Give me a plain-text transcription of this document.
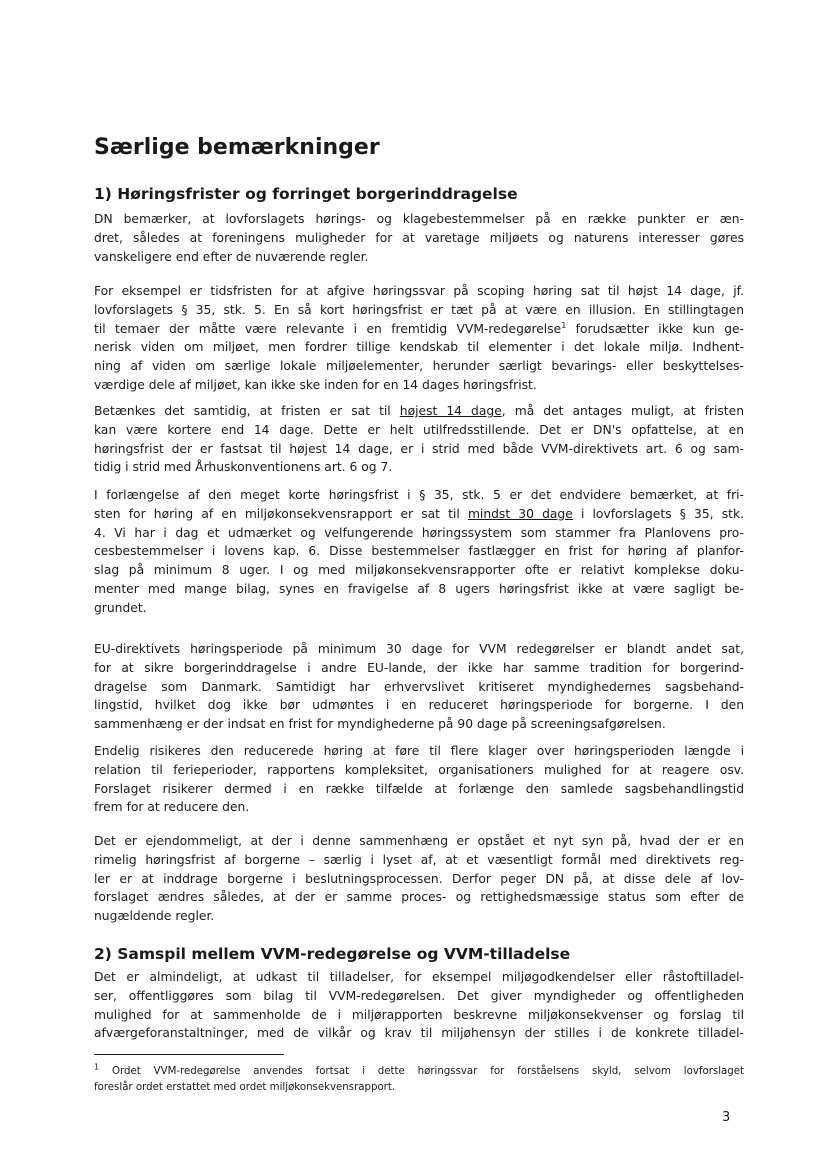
Særlige bemærkninger
1) Høringsfrister og forringet borgerinddragelse
DN bemærker, at lovforslagets hørings- og klagebestemmelser på en række punkter er æn-
dret, således at foreningens muligheder for at varetage miljøets og naturens interesser gøres
vanskeligere end efter de nuværende regler.
For eksempel er tidsfristen for at afgive høringssvar på scoping høring sat til højst 14 dage, jf.
lovforslagets § 35, stk. 5. En så kort høringsfrist er tæt på at være en illusion. En stillingtagen
til temaer der måtte være relevante i en fremtidig VVM-redegørelse$^1$ forudsætter ikke kun ge-
nerisk viden om miljøet, men fordrer tillige kendskab til elementer i det lokale miljø. Indhent-
ning af viden om særlige lokale miljøelementer, herunder særligt bevarings- eller beskyttelses-
værdige dele af miljøet, kan ikke ske inden for en 14 dages høringsfrist.
Betænkes det samtidig, at fristen er sat til højest 14 dage, må det antages muligt, at fristen
kan være kortere end 14 dage. Dette er helt utilfredsstillende. Det er DN's opfattelse, at en
høringsfrist der er fastsat til højest 14 dage, er i strid med både VVM-direktivets art. 6 og sam-
tidig i strid med Århuskonventionens art. 6 og 7.
I forlængelse af den meget korte høringsfrist i § 35, stk. 5 er det endvidere bemærket, at fri-
sten for høring af en miljøkonsekvensrapport er sat til mindst 30 dage i lovforslagets § 35, stk.
4. Vi har i dag et udmærket og velfungerende høringssystem som stammer fra Planlovens pro-
cesbestemmelser i lovens kap. 6. Disse bestemmelser fastlægger en frist for høring af planfor-
slag på minimum 8 uger. I og med miljøkonsekvensrapporter ofte er relativt komplekse doku-
menter med mange bilag, synes en fravigelse af 8 ugers høringsfrist ikke at være sagligt be-
grundet.
EU-direktivets høringsperiode på minimum 30 dage for VVM redegørelser er blandt andet sat,
for at sikre borgerinddragelse i andre EU-lande, der ikke har samme tradition for borgerind-
dragelse som Danmark. Samtidigt har erhvervslivet kritiseret myndighedernes sagsbehand-
lingstid, hvilket dog ikke bør udmøntes i en reduceret høringsperiode for borgerne. I den
sammenhæng er der indsat en frist for myndighederne på 90 dage på screeningsafgørelsen.
Endelig risikeres den reducerede høring at føre til flere klager over høringsperioden længde i
relation til ferieperioder, rapportens kompleksitet, organisationers mulighed for at reagere osv.
Forslaget risikerer dermed i en række tilfælde at forlænge den samlede sagsbehandlingstid
frem for at reducere den.
Det er ejendommeligt, at der i denne sammenhæng er opstået et nyt syn på, hvad der er en
rimelig høringsfrist af borgerne – særlig i lyset af, at et væsentligt formål med direktivets reg-
ler er at inddrage borgerne i beslutningsprocessen. Derfor peger DN på, at disse dele af lov-
forslaget ændres således, at der er samme proces- og rettighedsmæssige status som efter de
nugældende regler.
2) Samspil mellem VVM-redegørelse og VVM-tilladelse
Det er almindeligt, at udkast til tilladelser, for eksempel miljøgodkendelser eller råstoftilladel-
ser, offentliggøres som bilag til VVM-redegørelsen. Det giver myndigheder og offentligheden
mulighed for at sammenholde de i miljørapporten beskrevne miljøkonsekvenser og forslag til
afværgeforanstaltninger, med de vilkår og krav til miljøhensyn der stilles i de konkrete tilladel-
$^1$ Ordet VVM-redegørelse anvendes fortsat i dette høringssvar for forståelsens skyld, selvom lovforslaget
foreslår ordet erstattet med ordet miljøkonsekvensrapport.
3
